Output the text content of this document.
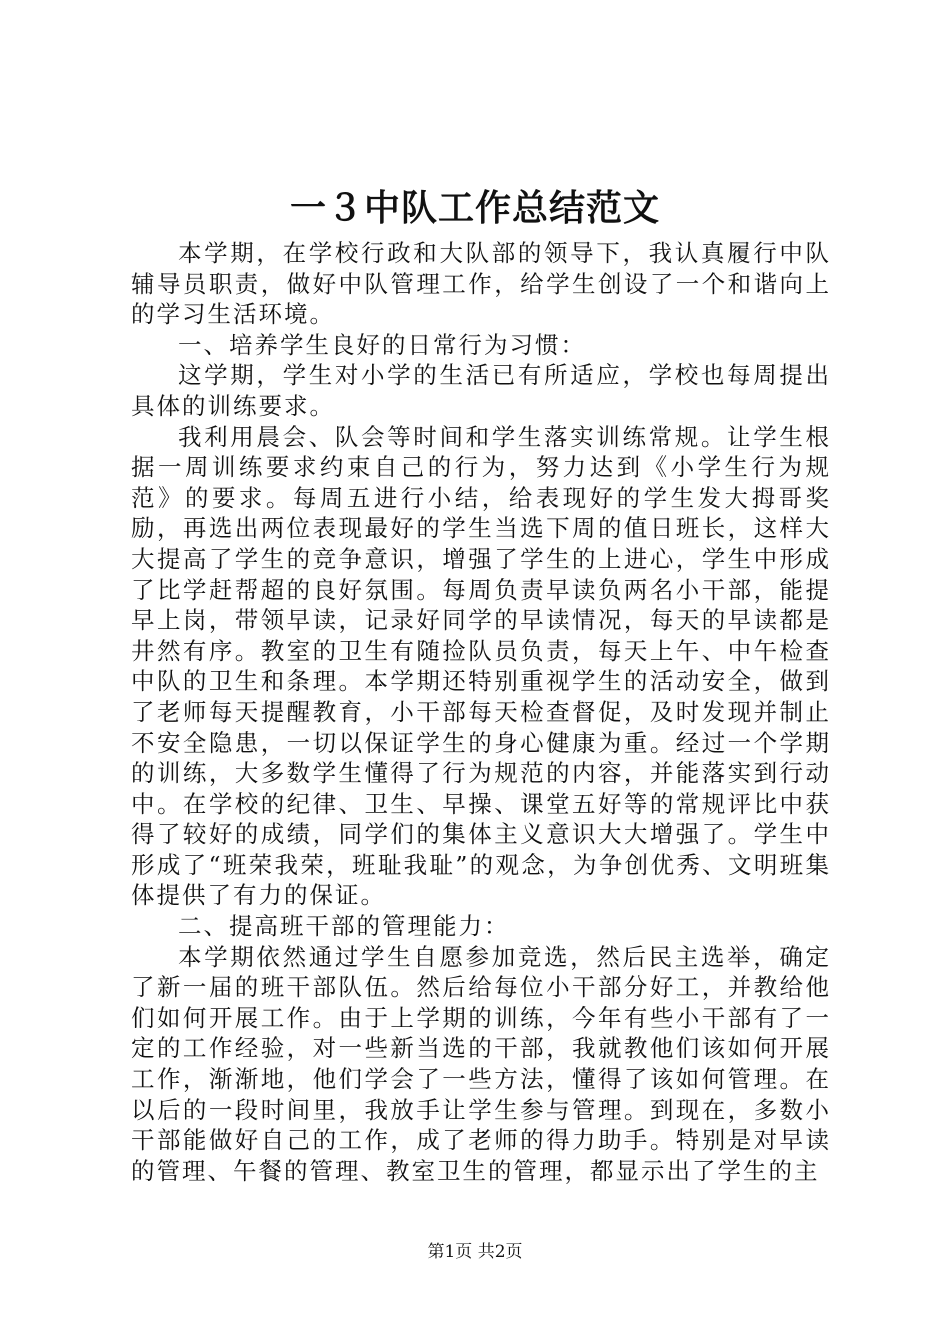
一３中队工作总结范文

本学期，在学校行政和大队部的领导下，我认真履行中队辅导员职责，做好中队管理工作，给学生创设了一个和谐向上的学习生活环境。

一、培养学生良好的日常行为习惯：

这学期，学生对小学的生活已有所适应，学校也每周提出具体的训练要求。

我利用晨会、队会等时间和学生落实训练常规。让学生根据一周训练要求约束自己的行为，努力达到《小学生行为规范》的要求。每周五进行小结，给表现好的学生发大拇哥奖励，再选出两位表现最好的学生当选下周的值日班长，这样大大提高了学生的竞争意识，增强了学生的上进心，学生中形成了比学赶帮超的良好氛围。每周负责早读负两名小干部，能提早上岗，带领早读，记录好同学的早读情况，每天的早读都是井然有序。教室的卫生有随捡队员负责，每天上午、中午检查中队的卫生和条理。本学期还特别重视学生的活动安全，做到了老师每天提醒教育，小干部每天检查督促，及时发现并制止不安全隐患，一切以保证学生的身心健康为重。经过一个学期的训练，大多数学生懂得了行为规范的内容，并能落实到行动中。在学校的纪律、卫生、早操、课堂五好等的常规评比中获得了较好的成绩，同学们的集体主义意识大大增强了。学生中形成了“班荣我荣，班耻我耻”的观念，为争创优秀、文明班集体提供了有力的保证。

二、提高班干部的管理能力：

本学期依然通过学生自愿参加竞选，然后民主选举，确定了新一届的班干部队伍。然后给每位小干部分好工，并教给他们如何开展工作。由于上学期的训练，今年有些小干部有了一定的工作经验，对一些新当选的干部，我就教他们该如何开展工作，渐渐地，他们学会了一些方法，懂得了该如何管理。在以后的一段时间里，我放手让学生参与管理。到现在，多数小干部能做好自己的工作，成了老师的得力助手。特别是对早读的管理、午餐的管理、教室卫生的管理，都显示出了学生的主

第1页 共2页
